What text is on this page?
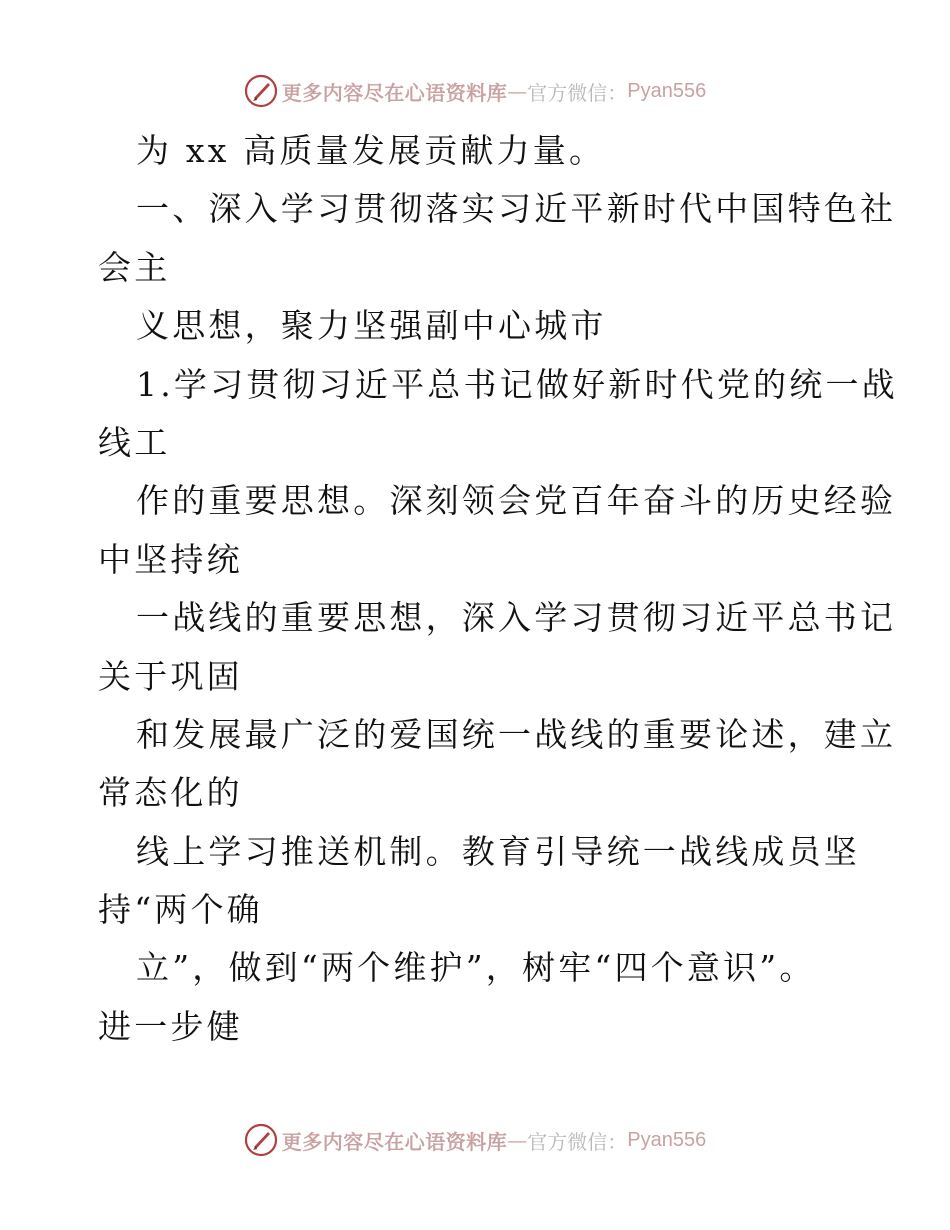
更多内容尽在心语资料库 — 官方微信： Pyan556
为 xx 高质量发展贡献力量。
一、深入学习贯彻落实习近平新时代中国特色社
会主
义思想，聚力坚强副中心城市
1.学习贯彻习近平总书记做好新时代党的统一战
线工
作的重要思想。深刻领会党百年奋斗的历史经验
中坚持统
一战线的重要思想，深入学习贯彻习近平总书记
关于巩固
和发展最广泛的爱国统一战线的重要论述，建立
常态化的
线上学习推送机制。教育引导统一战线成员坚
持“两个确
立”，做到“两个维护”，树牢“四个意识”。
进一步健
更多内容尽在心语资料库 — 官方微信： Pyan556
